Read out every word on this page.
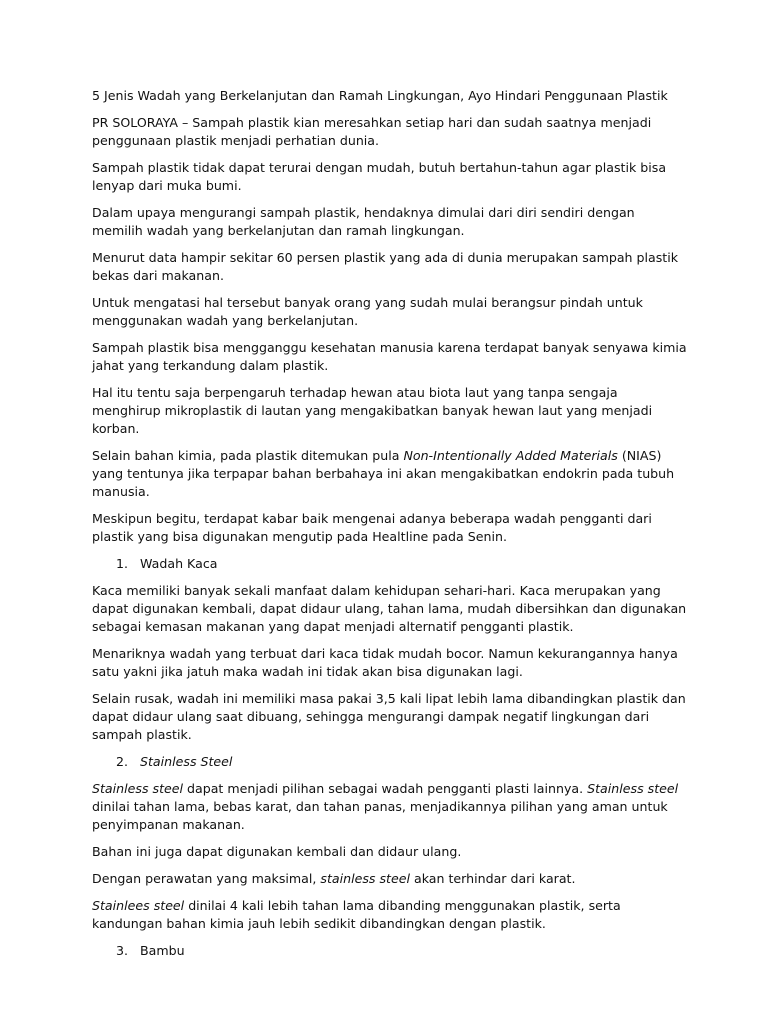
5 Jenis Wadah yang Berkelanjutan dan Ramah Lingkungan, Ayo Hindari Penggunaan Plastik

PR SOLORAYA – Sampah plastik kian meresahkan setiap hari dan sudah saatnya menjadi penggunaan plastik menjadi perhatian dunia.

Sampah plastik tidak dapat terurai dengan mudah, butuh bertahun-tahun agar plastik bisa lenyap dari muka bumi.

Dalam upaya mengurangi sampah plastik, hendaknya dimulai dari diri sendiri dengan memilih wadah yang berkelanjutan dan ramah lingkungan.

Menurut data hampir sekitar 60 persen plastik yang ada di dunia merupakan sampah plastik bekas dari makanan.

Untuk mengatasi hal tersebut banyak orang yang sudah mulai berangsur pindah untuk menggunakan wadah yang berkelanjutan.

Sampah plastik bisa mengganggu kesehatan manusia karena terdapat banyak senyawa kimia jahat yang terkandung dalam plastik.

Hal itu tentu saja berpengaruh terhadap hewan atau biota laut yang tanpa sengaja menghirup mikroplastik di lautan yang mengakibatkan banyak hewan laut yang menjadi korban.

Selain bahan kimia, pada plastik ditemukan pula Non-Intentionally Added Materials (NIAS) yang tentunya jika terpapar bahan berbahaya ini akan mengakibatkan endokrin pada tubuh manusia.

Meskipun begitu, terdapat kabar baik mengenai adanya beberapa wadah pengganti dari plastik yang bisa digunakan mengutip pada Healtline pada Senin.

1. Wadah Kaca

Kaca memiliki banyak sekali manfaat dalam kehidupan sehari-hari. Kaca merupakan yang dapat digunakan kembali, dapat didaur ulang, tahan lama, mudah dibersihkan dan digunakan sebagai kemasan makanan yang dapat menjadi alternatif pengganti plastik.

Menariknya wadah yang terbuat dari kaca tidak mudah bocor. Namun kekurangannya hanya satu yakni jika jatuh maka wadah ini tidak akan bisa digunakan lagi.

Selain rusak, wadah ini memiliki masa pakai 3,5 kali lipat lebih lama dibandingkan plastik dan dapat didaur ulang saat dibuang, sehingga mengurangi dampak negatif lingkungan dari sampah plastik.

2. Stainless Steel

Stainless steel dapat menjadi pilihan sebagai wadah pengganti plasti lainnya. Stainless steel dinilai tahan lama, bebas karat, dan tahan panas, menjadikannya pilihan yang aman untuk penyimpanan makanan.

Bahan ini juga dapat digunakan kembali dan didaur ulang.

Dengan perawatan yang maksimal, stainless steel akan terhindar dari karat.

Stainlees steel dinilai 4 kali lebih tahan lama dibanding menggunakan plastik, serta kandungan bahan kimia jauh lebih sedikit dibandingkan dengan plastik.

3. Bambu
